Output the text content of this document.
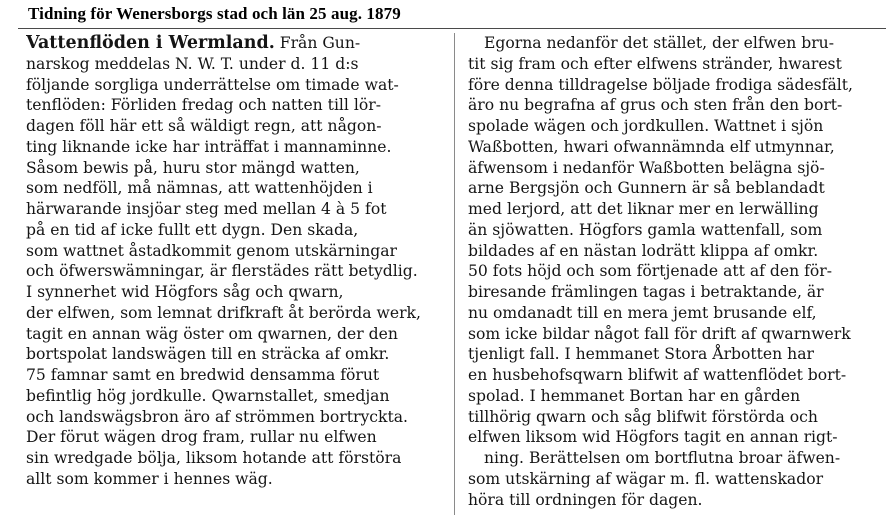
Tidning för Wenersborgs stad och län 25 aug. 1879
Vattenflöden i Wermland. Från Gun-
narskog meddelas N. W. T. under d. 11 d:s
följande sorgliga underrättelse om timade wat-
tenflöden: Förliden fredag och natten till lör-
dagen föll här ett så wäldigt regn, att någon-
ting liknande icke har inträffat i mannaminne.
Såsom bewis på, huru stor mängd watten,
som nedföll, må nämnas, att wattenhöjden i
härwarande insjöar steg med mellan 4 à 5 fot
på en tid af icke fullt ett dygn. Den skada,
som wattnet åstadkommit genom utskärningar
och öfwerswämningar, är flerstädes rätt betydlig.
I synnerhet wid Högfors såg och qwarn,
der elfwen, som lemnat drifkraft åt berörda werk,
tagit en annan wäg öster om qwarnen, der den
bortspolat landswägen till en sträcka af omkr.
75 famnar samt en bredwid densamma förut
befintlig hög jordkulle. Qwarnstallet, smedjan
och landswägsbron äro af strömmen bortryckta.
Der förut wägen drog fram, rullar nu elfwen
sin wredgade bölja, liksom hotande att förstöra
allt som kommer i hennes wäg.
Egorna nedanför det stället, der elfwen bru-
tit sig fram och efter elfwens stränder, hwarest
före denna tilldragelse böljade frodiga sädesfält,
äro nu begrafna af grus och sten från den bort-
spolade wägen och jordkullen. Wattnet i sjön
Waßbotten, hwari ofwannämnda elf utmynnar,
äfwensom i nedanför Waßbotten belägna sjö-
arne Bergsjön och Gunnern är så beblandadt
med lerjord, att det liknar mer en lerwälling
än sjöwatten. Högfors gamla wattenfall, som
bildades af en nästan lodrätt klippa af omkr.
50 fots höjd och som förtjenade att af den för-
biresande främlingen tagas i betraktande, är
nu omdanadt till en mera jemt brusande elf,
som icke bildar något fall för drift af qwarnwerk
tjenligt fall. I hemmanet Stora Årbotten har
en husbehofsqwarn blifwit af wattenflödet bort-
spolad. I hemmanet Bortan har en gården
tillhörig qwarn och såg blifwit förstörda och
elfwen liksom wid Högfors tagit en annan rigt-
ning. Berättelsen om bortflutna broar äfwen-
som utskärning af wägar m. fl. wattenskador
höra till ordningen för dagen.
